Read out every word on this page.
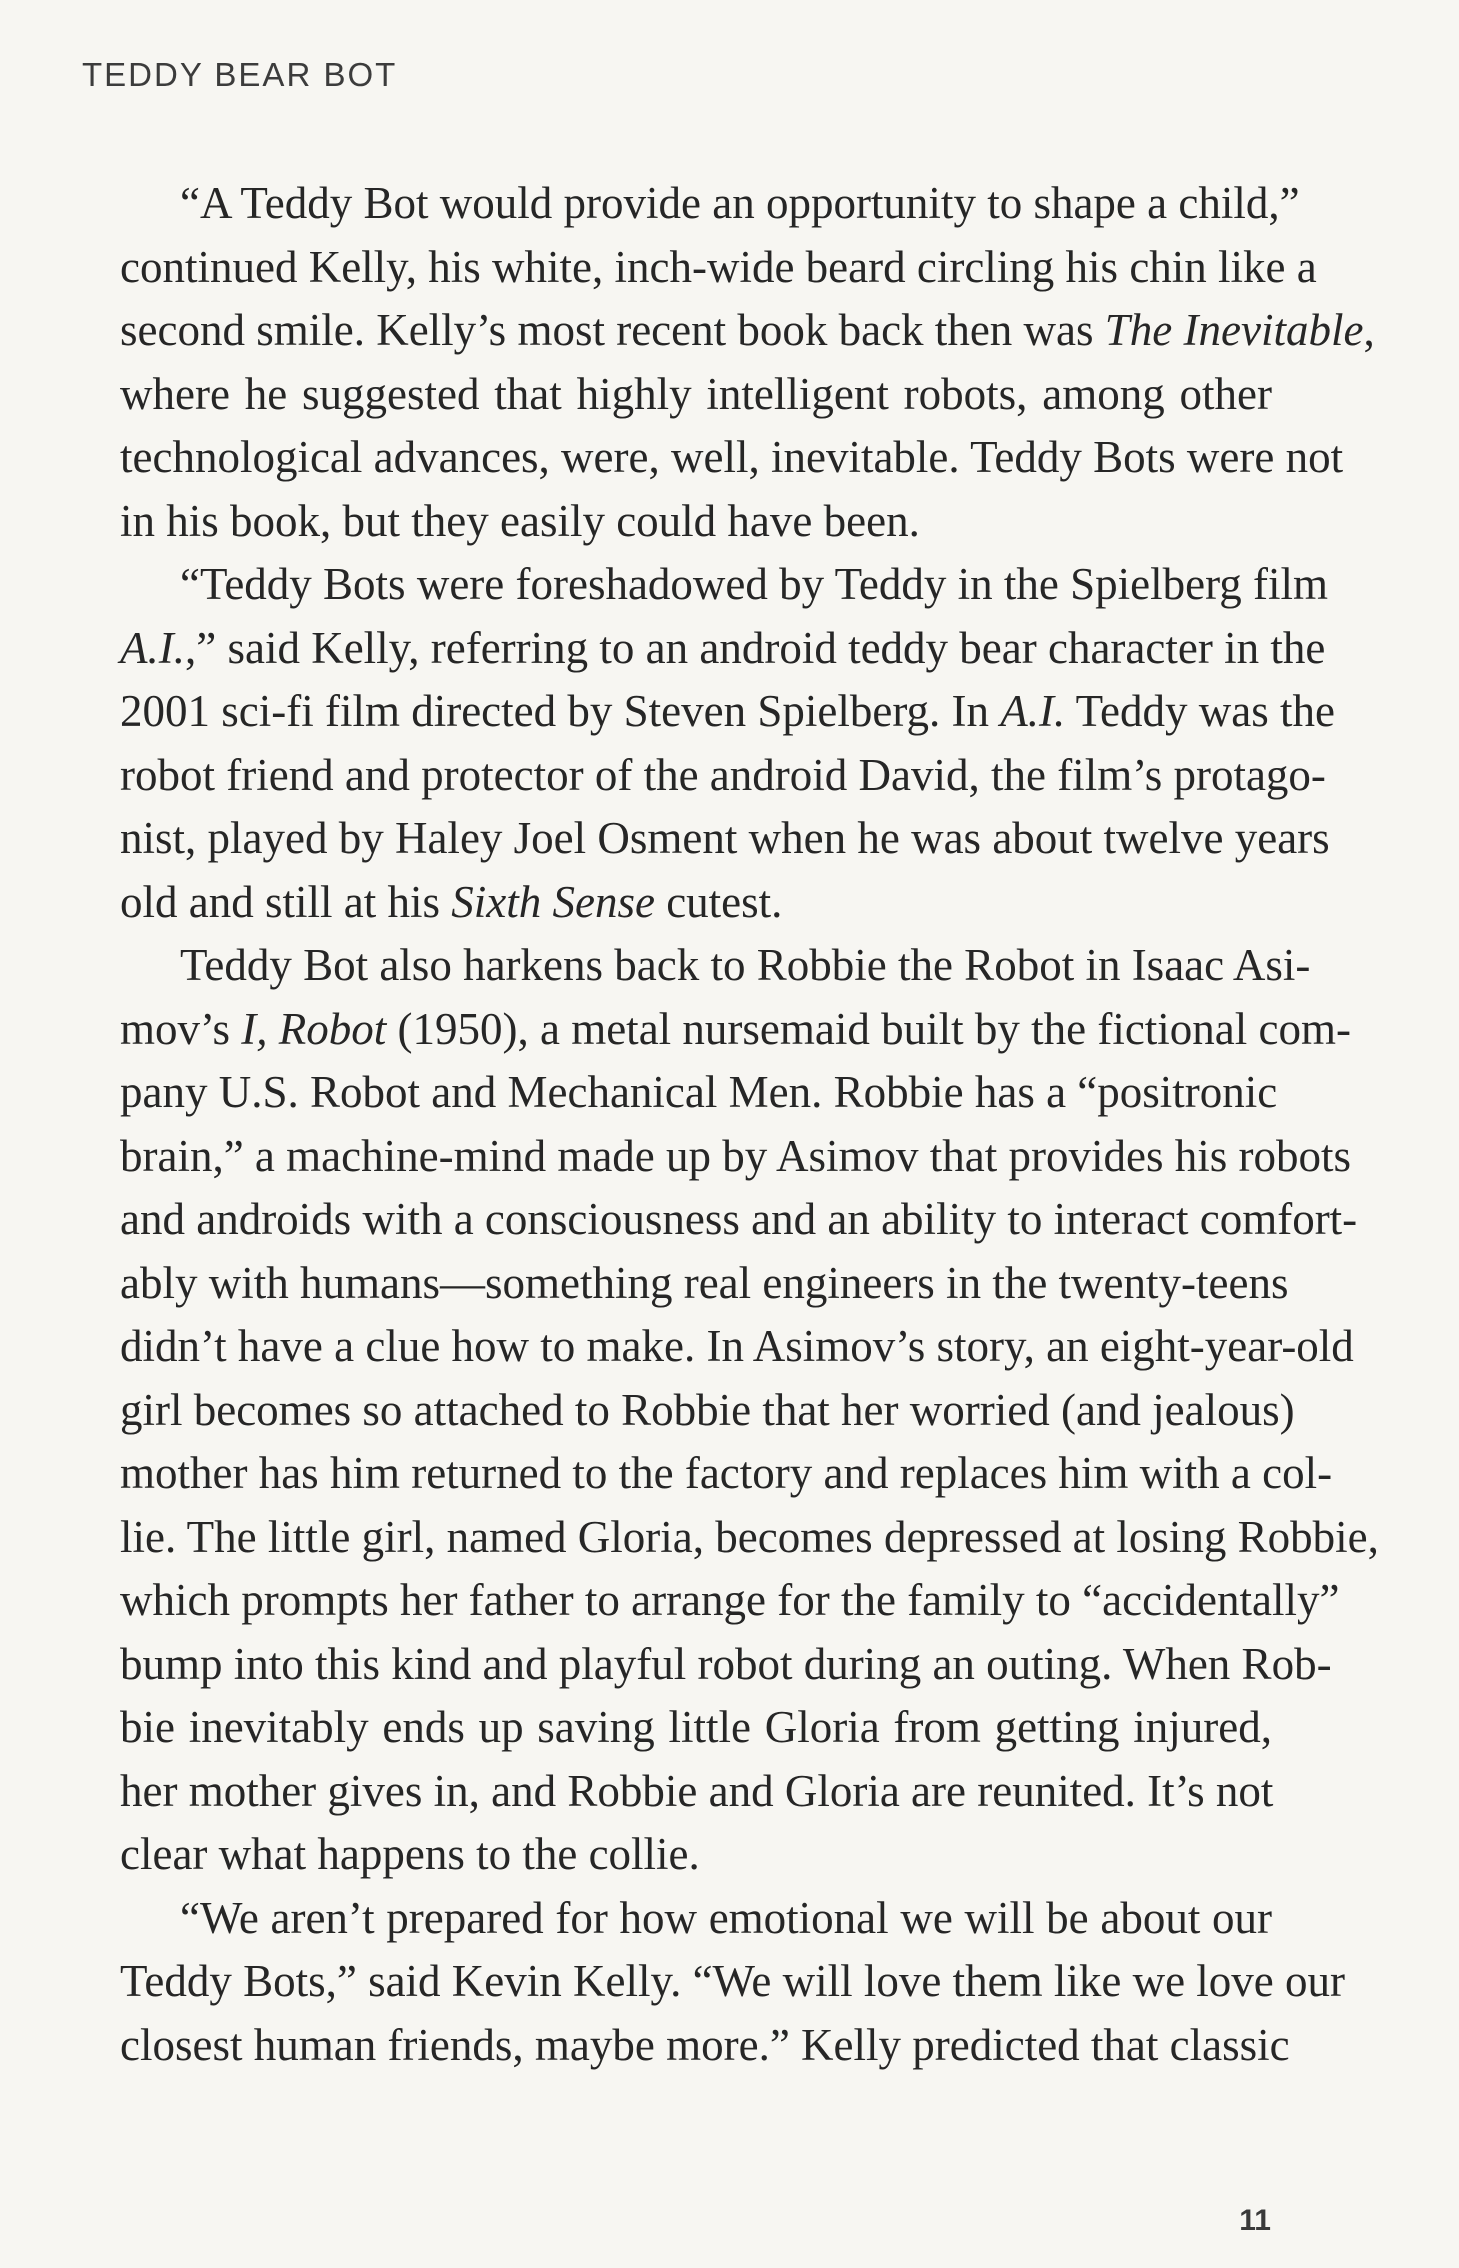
TEDDY BEAR BOT
“A Teddy Bot would provide an opportunity to shape a child,”
continued Kelly, his white, inch-wide beard circling his chin like a
second smile. Kelly’s most recent book back then was The Inevitable,
where he suggested that highly intelligent robots, among other
technological advances, were, well, inevitable. Teddy Bots were not
in his book, but they easily could have been.
“Teddy Bots were foreshadowed by Teddy in the Spielberg film
A.I.,” said Kelly, referring to an android teddy bear character in the
2001 sci-fi film directed by Steven Spielberg. In A.I. Teddy was the
robot friend and protector of the android David, the film’s protago-
nist, played by Haley Joel Osment when he was about twelve years
old and still at his Sixth Sense cutest.
Teddy Bot also harkens back to Robbie the Robot in Isaac Asi-
mov’s I, Robot (1950), a metal nursemaid built by the fictional com-
pany U.S. Robot and Mechanical Men. Robbie has a “positronic
brain,” a machine-mind made up by Asimov that provides his robots
and androids with a consciousness and an ability to interact comfort-
ably with humans—something real engineers in the twenty-teens
didn’t have a clue how to make. In Asimov’s story, an eight-year-old
girl becomes so attached to Robbie that her worried (and jealous)
mother has him returned to the factory and replaces him with a col-
lie. The little girl, named Gloria, becomes depressed at losing Robbie,
which prompts her father to arrange for the family to “accidentally”
bump into this kind and playful robot during an outing. When Rob-
bie inevitably ends up saving little Gloria from getting injured,
her mother gives in, and Robbie and Gloria are reunited. It’s not
clear what happens to the collie.
“We aren’t prepared for how emotional we will be about our
Teddy Bots,” said Kevin Kelly. “We will love them like we love our
closest human friends, maybe more.” Kelly predicted that classic
11
